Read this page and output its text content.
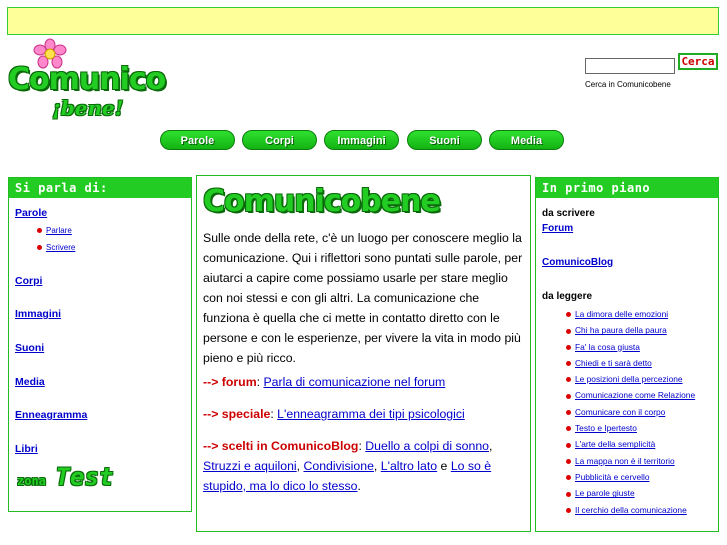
Comunico
¡bene!
Cerca
Cerca in Comunicobene
Parole	Corpi	Immagini	Suoni	Media
Si parla di:
Parole
Parlare
Scrivere
Corpi
Immagini
Suoni
Media
Enneagramma
Libri
zona Test
Comunicobene
Sulle onde della rete, c'è un luogo per conoscere meglio la comunicazione. Qui i riflettori sono puntati sulle parole, per aiutarci a capire come possiamo usarle per stare meglio con noi stessi e con gli altri. La comunicazione che funziona è quella che ci mette in contatto diretto con le persone e con le esperienze, per vivere la vita in modo più pieno e più ricco.
--> forum: Parla di comunicazione nel forum
--> speciale: L'enneagramma dei tipi psicologici
--> scelti in ComunicoBlog: Duello a colpi di sonno, Struzzi e aquiloni, Condivisione, L'altro lato e Lo so è stupido, ma lo dico lo stesso.
In primo piano
da scrivere
Forum
ComunicoBlog
da leggere
La dimora delle emozioni
Chi ha paura della paura
Fa' la cosa giusta
Chiedi e ti sarà detto
Le posizioni della percezione
Comunicazione come Relazione
Comunicare con il corpo
Testo e Ipertesto
L'arte della semplicità
La mappa non è il territorio
Pubblicità e cervello
Le parole giuste
Il cerchio della comunicazione
